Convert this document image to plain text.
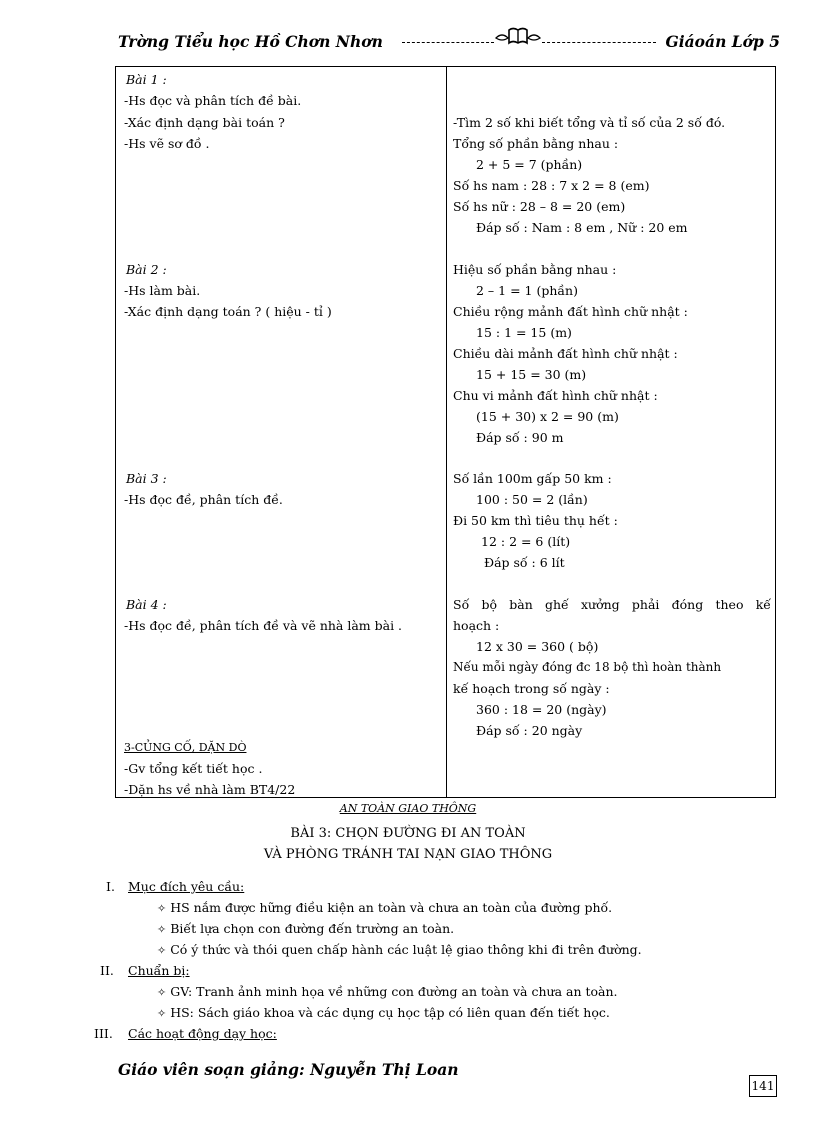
Trờng Tiểu học Hồ Chơn Nhơn	Giáoán Lớp 5
Bài 1 :
-Hs đọc và phân tích đề bài.
-Xác định dạng bài toán ?
-Hs vẽ sơ đồ .
Bài 2 :
-Hs làm bài.
-Xác định dạng toán ? ( hiệu - tỉ )
Bài 3 :
-Hs đọc đề, phân tích đề.
Bài 4 :
-Hs đọc đề, phân tích đề và vẽ nhà làm bài .
3-CỦNG CỐ, DẶN DÒ
-Gv tổng kết tiết học .
-Dặn hs về nhà làm BT4/22
-Tìm 2 số khi biết tổng và tỉ số của 2 số đó.
Tổng số phần bằng nhau :
2 + 5 = 7 (phần)
Số hs nam : 28 : 7 x 2 = 8 (em)
Số hs nữ : 28 – 8 = 20 (em)
Đáp số : Nam : 8 em , Nữ : 20 em
Hiệu số phần bằng nhau :
2 – 1 = 1 (phần)
Chiều rộng mảnh đất hình chữ nhật :
15 : 1 = 15 (m)
Chiều dài mảnh đất hình chữ nhật :
15 + 15 = 30 (m)
Chu vi mảnh đất hình chữ nhật :
(15 + 30) x 2 = 90 (m)
Đáp số : 90 m
Số lần 100m gấp 50 km :
100 : 50 = 2 (lần)
Đi 50 km thì tiêu thụ hết :
12 : 2 = 6 (lít)
Đáp số : 6 lít
Số bộ bàn ghế xưởng phải đóng theo kế
hoạch :
12 x 30 = 360 ( bộ)
Nếu mỗi ngày đóng đc 18 bộ thì hoàn thành
kế hoạch trong số ngày :
360 : 18 = 20 (ngày)
Đáp số : 20 ngày
AN TOÀN GIAO THÔNG
BÀI 3: CHỌN ĐƯỜNG ĐI AN TOÀN
VÀ PHÒNG TRÁNH TAI NẠN GIAO THÔNG
I. Mục đích yêu cầu:
✧ HS nắm được hững điều kiện an toàn và chưa an toàn của đường phố.
✧ Biết lựa chọn con đường đến trường an toàn.
✧ Có ý thức và thói quen chấp hành các luật lệ giao thông khi đi trên đường.
II. Chuẩn bị:
✧ GV: Tranh ảnh minh họa về những con đường an toàn và chưa an toàn.
✧ HS: Sách giáo khoa và các dụng cụ học tập có liên quan đến tiết học.
III. Các hoạt động dạy học:
Giáo viên soạn giảng: Nguyễn Thị Loan
141
